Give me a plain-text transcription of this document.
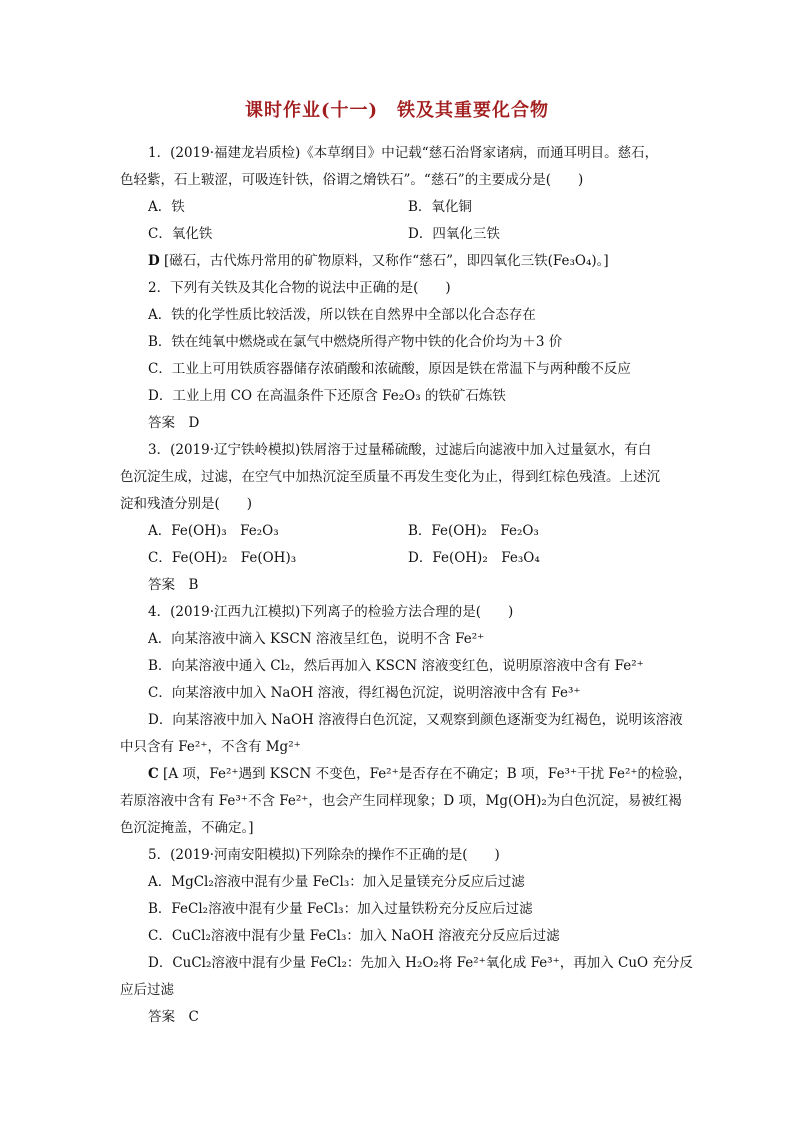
课时作业(十一)　铁及其重要化合物
1．(2019·福建龙岩质检)《本草纲目》中记载“慈石治肾家诸病，而通耳明目。慈石，
色轻紫，石上皲涩，可吸连针铁，俗谓之熁铁石”。“慈石”的主要成分是(　　)
A．铁	B．氧化铜
C．氧化铁	D．四氧化三铁
D [磁石，古代炼丹常用的矿物原料，又称作“慈石”，即四氧化三铁(Fe₃O₄)。]
2．下列有关铁及其化合物的说法中正确的是(　　)
A．铁的化学性质比较活泼，所以铁在自然界中全部以化合态存在
B．铁在纯氧中燃烧或在氯气中燃烧所得产物中铁的化合价均为＋3 价
C．工业上可用铁质容器储存浓硝酸和浓硫酸，原因是铁在常温下与两种酸不反应
D．工业上用 CO 在高温条件下还原含 Fe₂O₃ 的铁矿石炼铁
答案　D
3．(2019·辽宁铁岭模拟)铁屑溶于过量稀硫酸，过滤后向滤液中加入过量氨水，有白
色沉淀生成，过滤，在空气中加热沉淀至质量不再发生变化为止，得到红棕色残渣。上述沉
淀和残渣分别是(　　)
A．Fe(OH)₃　Fe₂O₃	B．Fe(OH)₂　Fe₂O₃
C．Fe(OH)₂　Fe(OH)₃	D．Fe(OH)₂　Fe₃O₄
答案　B
4．(2019·江西九江模拟)下列离子的检验方法合理的是(　　)
A．向某溶液中滴入 KSCN 溶液呈红色，说明不含 Fe²⁺
B．向某溶液中通入 Cl₂，然后再加入 KSCN 溶液变红色，说明原溶液中含有 Fe²⁺
C．向某溶液中加入 NaOH 溶液，得红褐色沉淀，说明溶液中含有 Fe³⁺
D．向某溶液中加入 NaOH 溶液得白色沉淀，又观察到颜色逐渐变为红褐色，说明该溶液
中只含有 Fe²⁺，不含有 Mg²⁺
C [A 项，Fe²⁺遇到 KSCN 不变色，Fe²⁺是否存在不确定；B 项，Fe³⁺干扰 Fe²⁺的检验，
若原溶液中含有 Fe³⁺不含 Fe²⁺，也会产生同样现象；D 项，Mg(OH)₂为白色沉淀，易被红褐
色沉淀掩盖，不确定。]
5．(2019·河南安阳模拟)下列除杂的操作不正确的是(　　)
A．MgCl₂溶液中混有少量 FeCl₃：加入足量镁充分反应后过滤
B．FeCl₂溶液中混有少量 FeCl₃：加入过量铁粉充分反应后过滤
C．CuCl₂溶液中混有少量 FeCl₃：加入 NaOH 溶液充分反应后过滤
D．CuCl₂溶液中混有少量 FeCl₂：先加入 H₂O₂将 Fe²⁺氧化成 Fe³⁺，再加入 CuO 充分反
应后过滤
答案　C
